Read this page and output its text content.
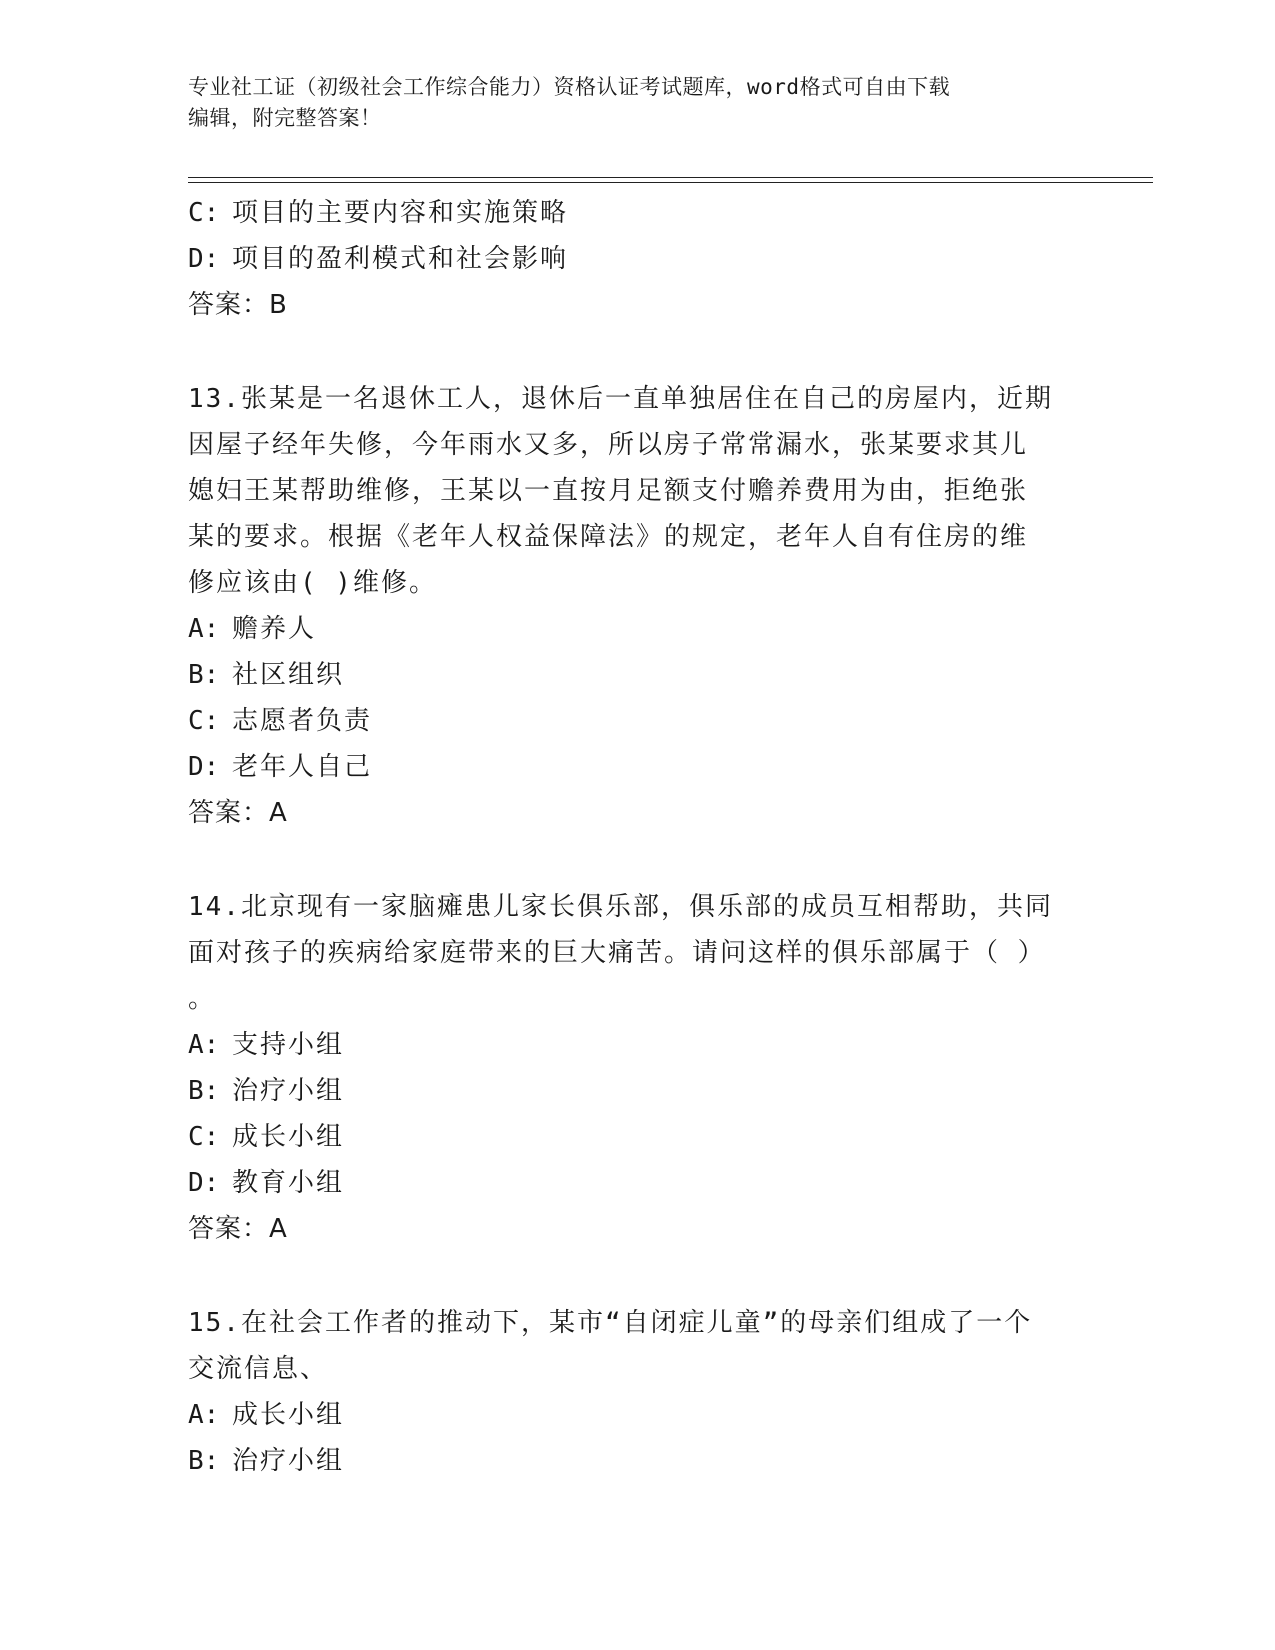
专业社工证（初级社会工作综合能力）资格认证考试题库，word格式可自由下载
编辑，附完整答案！
C: 项目的主要内容和实施策略
D: 项目的盈利模式和社会影响
答案：B
13.张某是一名退休工人，退休后一直单独居住在自己的房屋内，近期
因屋子经年失修，今年雨水又多，所以房子常常漏水，张某要求其儿
媳妇王某帮助维修，王某以一直按月足额支付赡养费用为由，拒绝张
某的要求。根据《老年人权益保障法》的规定，老年人自有住房的维
修应该由( )维修。
A: 赡养人
B: 社区组织
C: 志愿者负责
D: 老年人自己
答案：A
14.北京现有一家脑瘫患儿家长俱乐部，俱乐部的成员互相帮助，共同
面对孩子的疾病给家庭带来的巨大痛苦。请问这样的俱乐部属于（ ）
。
A: 支持小组
B: 治疗小组
C: 成长小组
D: 教育小组
答案：A
15.在社会工作者的推动下，某市“自闭症儿童”的母亲们组成了一个
交流信息、
A: 成长小组
B: 治疗小组
